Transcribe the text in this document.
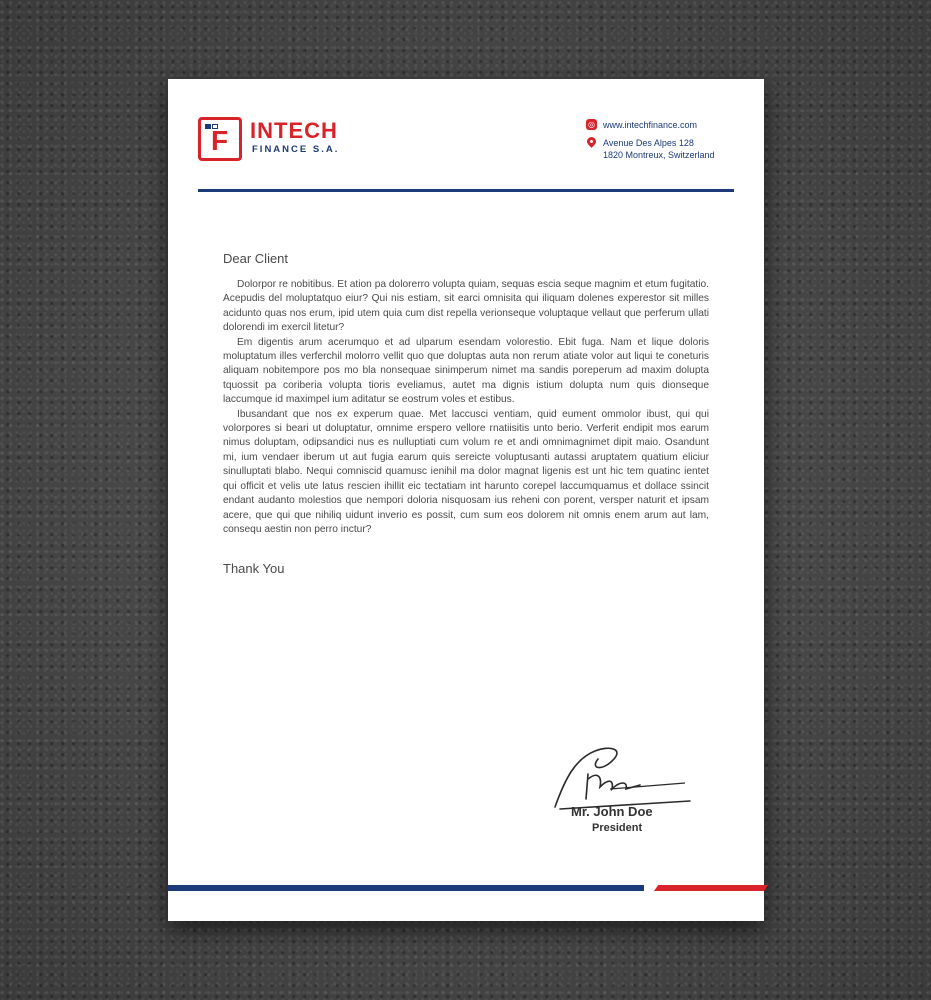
F INTECH
FINANCE S.A.
◎ www.intechfinance.com
Avenue Des Alpes 128
1820 Montreux, Switzerland
Dear Client

Dolorpor re nobitibus. Et ation pa dolorerro volupta quiam, sequas escia seque magnim et etum fugitatio. Acepudis del moluptatquo eiur? Qui nis estiam, sit earci omnisita qui iliquam dolenes experestor sit milles acidunto quas nos erum, ipid utem quia cum dist repella verionseque voluptaque vellaut que perferum ullati dolorendi im exercil litetur?

Em digentis arum acerumquo et ad ulparum esendam volorestio. Ebit fuga. Nam et lique doloris moluptatum illes verferchil molorro vellit quo que doluptas auta non rerum atiate volor aut liqui te coneturis aliquam nobitempore pos mo bla nonsequae sinimperum nimet ma sandis poreperum ad maxim dolupta tquossit pa coriberia volupta tioris eveliamus, autet ma dignis istium dolupta num quis dionseque laccumque id maximpel ium aditatur se eostrum voles et estibus.

Ibusandant que nos ex experum quae. Met laccusci ventiam, quid eument ommolor ibust, qui qui volorpores si beari ut doluptatur, omnime erspero vellore rnatiisitis unto berio. Verferit endipit mos earum nimus doluptam, odipsandici nus es nulluptiati cum volum re et andi omnimagnimet dipit maio. Osandunt mi, ium vendaer iberum ut aut fugia earum quis sereicte voluptusanti autassi aruptatem quatium eliciur sinulluptati blabo. Nequi comniscid quamusc ienihil ma dolor magnat ligenis est unt hic tem quatinc ientet qui officit et velis ute latus rescien ihillit eic tectatiam int harunto corepel laccumquamus et dollace ssincit endant audanto molestios que nempori doloria nisquosam ius reheni con porent, versper naturit et ipsam acere, que qui que nihiliq uidunt inverio es possit, cum sum eos dolorem nit omnis enem arum aut lam, consequ aestin non perro inctur?

Thank You
Mr. John Doe
President
